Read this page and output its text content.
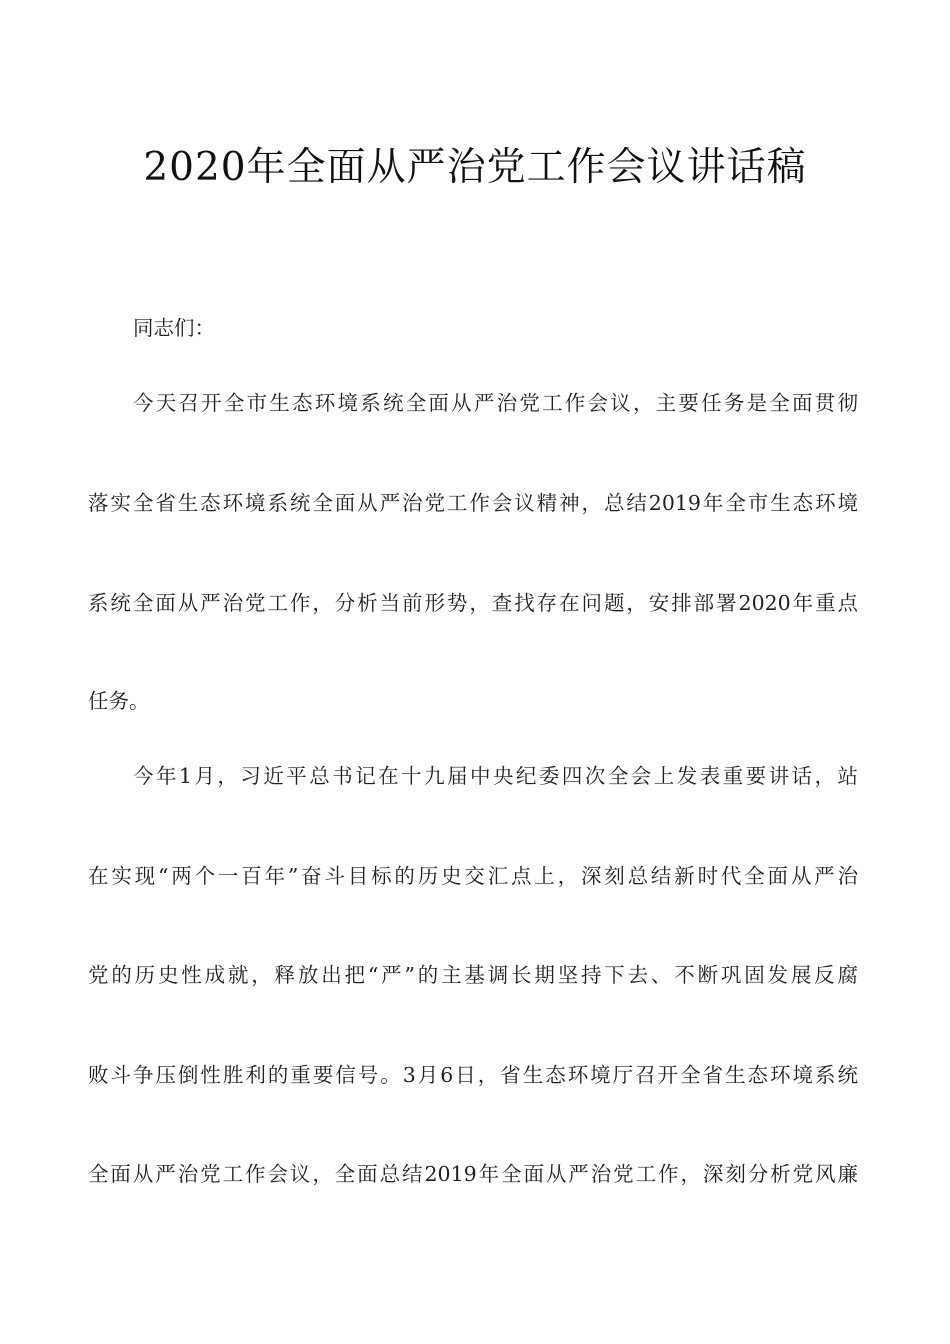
2020年全面从严治党工作会议讲话稿
同志们：
今天召开全市生态环境系统全面从严治党工作会议，主要任务是全面贯彻
落实全省生态环境系统全面从严治党工作会议精神，总结2019年全市生态环境
系统全面从严治党工作，分析当前形势，查找存在问题，安排部署2020年重点
任务。
今年1月，习近平总书记在十九届中央纪委四次全会上发表重要讲话，站
在实现“两个一百年”奋斗目标的历史交汇点上，深刻总结新时代全面从严治
党的历史性成就，释放出把“严”的主基调长期坚持下去、不断巩固发展反腐
败斗争压倒性胜利的重要信号。3月6日，省生态环境厅召开全省生态环境系统
全面从严治党工作会议，全面总结2019年全面从严治党工作，深刻分析党风廉
